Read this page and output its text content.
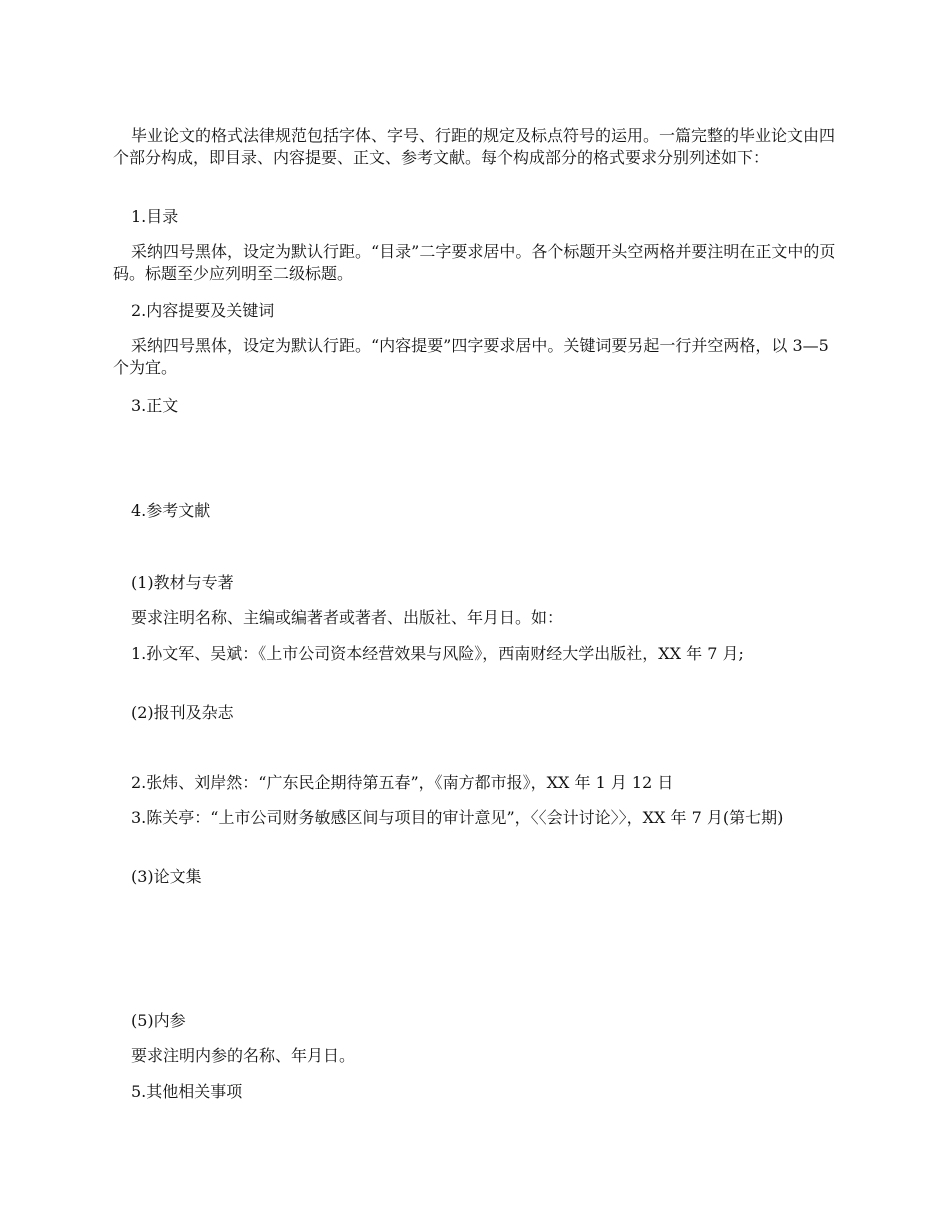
毕业论文的格式法律规范包括字体、字号、行距的规定及标点符号的运用。一篇完整的毕业论文由四个部分构成，即目录、内容提要、正文、参考文献。每个构成部分的格式要求分别列述如下：

1.目录

采纳四号黑体，设定为默认行距。“目录”二字要求居中。各个标题开头空两格并要注明在正文中的页码。标题至少应列明至二级标题。

2.内容提要及关键词

采纳四号黑体，设定为默认行距。“内容提要”四字要求居中。关键词要另起一行并空两格，以 3—5 个为宜。

3.正文

4.参考文献

(1)教材与专著

要求注明名称、主编或编著者或著者、出版社、年月日。如：

1.孙文军、吴斌：《上市公司资本经营效果与风险》，西南财经大学出版社，XX 年 7 月;

(2)报刊及杂志

2.张炜、刘岸然：“广东民企期待第五春”，《南方都市报》，XX 年 1 月 12 日

3.陈关亭：“上市公司财务敏感区间与项目的审计意见”，〈〈会计讨论〉〉，XX 年 7 月(第七期)

(3)论文集

(5)内参

要求注明内参的名称、年月日。

5.其他相关事项
